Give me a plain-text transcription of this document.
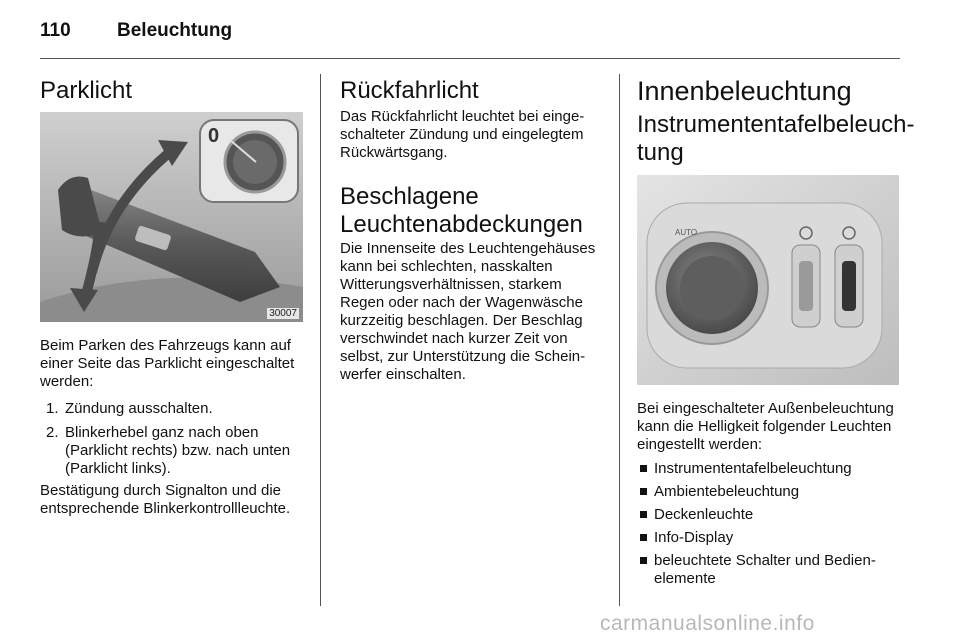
110 Beleuchtung
Parklicht
0
30007
Beim Parken des Fahrzeugs kann auf einer Seite das Parklicht eingeschaltet werden:
1. Zündung ausschalten.
2. Blinkerhebel ganz nach oben (Parklicht rechts) bzw. nach unten (Parklicht links).
Bestätigung durch Signalton und die entsprechende Blinkerkontrollleuchte.
Rückfahrlicht
Das Rückfahrlicht leuchtet bei eingeschalteter Zündung und eingelegtem Rückwärtsgang.
Beschlagene Leuchtenabdeckungen
Die Innenseite des Leuchtengehäuses kann bei schlechten, nasskalten Witterungsverhältnissen, starkem Regen oder nach der Wagenwäsche kurzzeitig beschlagen. Der Beschlag verschwindet nach kurzer Zeit von selbst, zur Unterstützung die Scheinwerfer einschalten.
Innenbeleuchtung
Instrumententafelbeleuchtung
AUTO
Bei eingeschalteter Außenbeleuchtung kann die Helligkeit folgender Leuchten eingestellt werden:
Instrumententafelbeleuchtung
Ambientebeleuchtung
Deckenleuchte
Info-Display
beleuchtete Schalter und Bedienelemente
carmanualsonline.info
